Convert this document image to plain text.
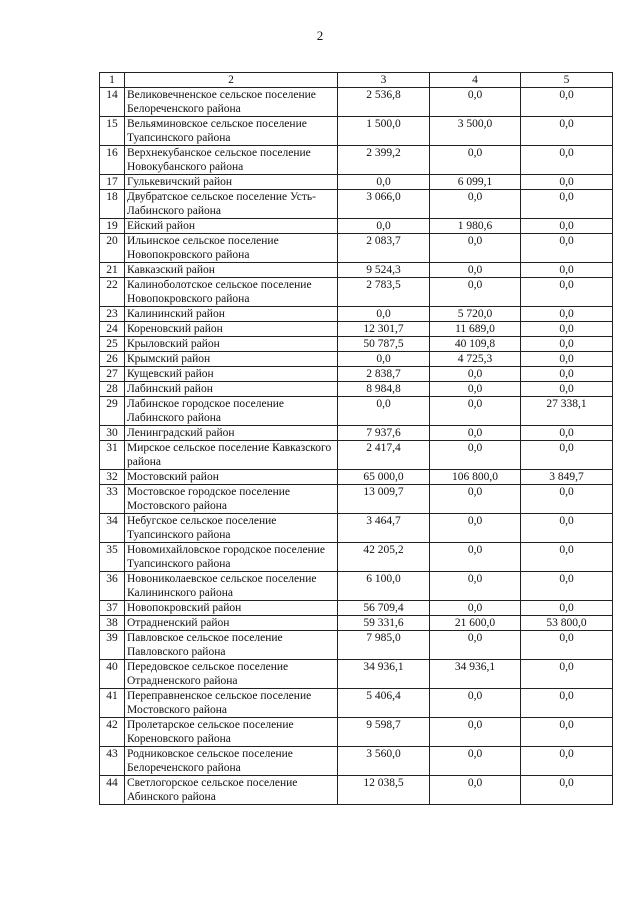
2
1	2	3	4	5
14	Великовечненское сельское поселение Белореченского района	2 536,8	0,0	0,0
15	Вельяминовское сельское поселение Туапсинского района	1 500,0	3 500,0	0,0
16	Верхнекубанское сельское поселение Новокубанского района	2 399,2	0,0	0,0
17	Гулькевичский район	0,0	6 099,1	0,0
18	Двубратское сельское поселение Усть-Лабинского района	3 066,0	0,0	0,0
19	Ейский район	0,0	1 980,6	0,0
20	Ильинское сельское поселение Новопокровского района	2 083,7	0,0	0,0
21	Кавказский район	9 524,3	0,0	0,0
22	Калиноболотское сельское поселение Новопокровского района	2 783,5	0,0	0,0
23	Калининский район	0,0	5 720,0	0,0
24	Кореновский район	12 301,7	11 689,0	0,0
25	Крыловский район	50 787,5	40 109,8	0,0
26	Крымский район	0,0	4 725,3	0,0
27	Кущевский район	2 838,7	0,0	0,0
28	Лабинский район	8 984,8	0,0	0,0
29	Лабинское городское поселение Лабинского района	0,0	0,0	27 338,1
30	Ленинградский район	7 937,6	0,0	0,0
31	Мирское сельское поселение Кавказского района	2 417,4	0,0	0,0
32	Мостовский район	65 000,0	106 800,0	3 849,7
33	Мостовское городское поселение Мостовского района	13 009,7	0,0	0,0
34	Небугское сельское поселение Туапсинского района	3 464,7	0,0	0,0
35	Новомихайловское городское поселение Туапсинского района	42 205,2	0,0	0,0
36	Новониколаевское сельское поселение Калининского района	6 100,0	0,0	0,0
37	Новопокровский район	56 709,4	0,0	0,0
38	Отрадненский район	59 331,6	21 600,0	53 800,0
39	Павловское сельское поселение Павловского района	7 985,0	0,0	0,0
40	Передовское сельское поселение Отрадненского района	34 936,1	34 936,1	0,0
41	Переправненское сельское поселение Мостовского района	5 406,4	0,0	0,0
42	Пролетарское сельское поселение Кореновского района	9 598,7	0,0	0,0
43	Родниковское сельское поселение Белореченского района	3 560,0	0,0	0,0
44	Светлогорское сельское поселение Абинского района	12 038,5	0,0	0,0
